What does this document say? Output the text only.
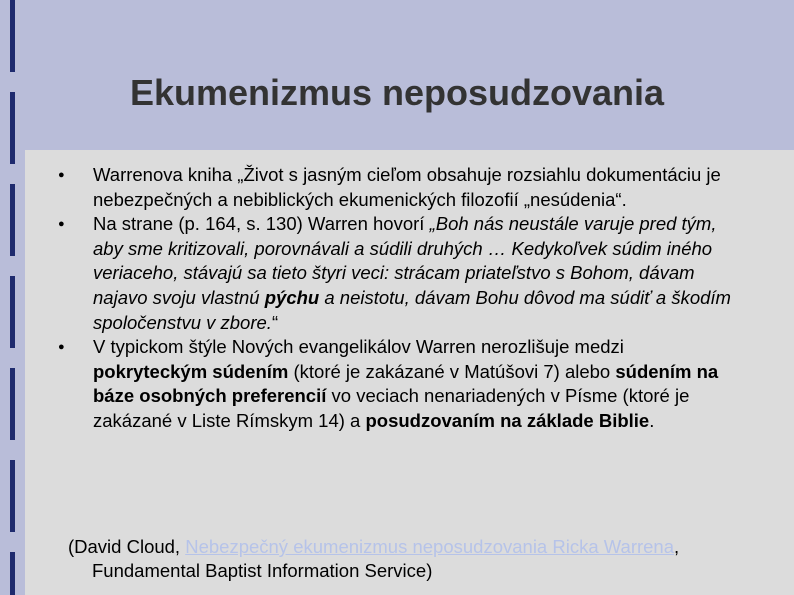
Ekumenizmus neposudzovania
● Warrenova kniha „Život s jasným cieľom obsahuje rozsiahlu dokumentáciu je nebezpečných a nebiblických ekumenických filozofií „nesúdenia“.
● Na strane (p. 164, s. 130) Warren hovorí „Boh nás neustále varuje pred tým, aby sme kritizovali, porovnávali a súdili druhých … Kedykoľvek súdim iného veriaceho, stávajú sa tieto štyri veci: strácam priateľstvo s Bohom, dávam najavo svoju vlastnú pýchu a neistotu, dávam Bohu dôvod ma súdiť a škodím spoločenstvu v zbore.“
● V typickom štýle Nových evangelikálov Warren nerozlišuje medzi pokryteckým súdením (ktoré je zakázané v Matúšovi 7) alebo súdením na báze osobných preferencií vo veciach nenariadených v Písme (ktoré je zakázané v Liste Rímskym 14) a posudzovaním na základe Biblie.
(David Cloud, Nebezpečný ekumenizmus neposudzovania Ricka Warrena,
Fundamental Baptist Information Service)
